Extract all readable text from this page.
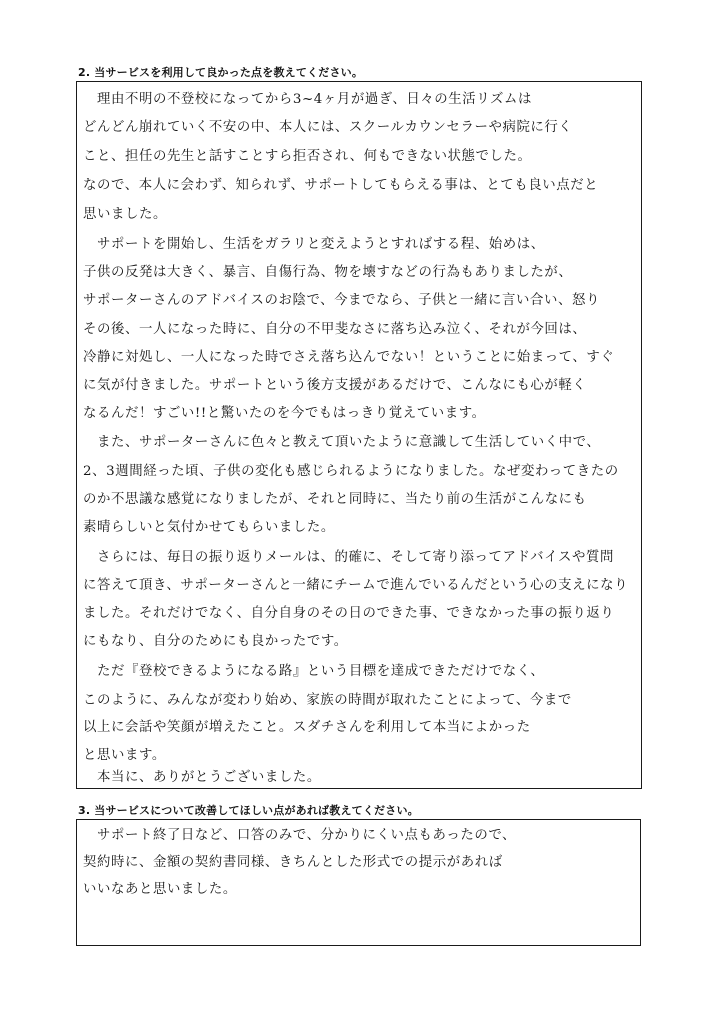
2. 当サービスを利用して良かった点を教えてください。
　理由不明の不登校になってから3~4ヶ月が過ぎ、日々の生活リズムは
どんどん崩れていく不安の中、本人には、スクールカウンセラーや病院に行く
こと、担任の先生と話すことすら拒否され、何もできない状態でした。
なので、本人に会わず、知られず、サポートしてもらえる事は、とても良い点だと
思いました。
　サポートを開始し、生活をガラリと変えようとすればする程、始めは、
子供の反発は大きく、暴言、自傷行為、物を壊すなどの行為もありましたが、
サポーターさんのアドバイスのお陰で、今までなら、子供と一緒に言い合い、怒り
その後、一人になった時に、自分の不甲斐なさに落ち込み泣く、それが今回は、
冷静に対処し、一人になった時でさえ落ち込んでない！ということに始まって、すぐ
に気が付きました。サポートという後方支援があるだけで、こんなにも心が軽く
なるんだ！すごい!!と驚いたのを今でもはっきり覚えています。
　また、サポーターさんに色々と教えて頂いたように意識して生活していく中で、
2、3週間経った頃、子供の変化も感じられるようになりました。なぜ変わってきたの
のか不思議な感覚になりましたが、それと同時に、当たり前の生活がこんなにも
素晴らしいと気付かせてもらいました。
　さらには、毎日の振り返りメールは、的確に、そして寄り添ってアドバイスや質問
に答えて頂き、サポーターさんと一緒にチームで進んでいるんだという心の支えになり
ました。それだけでなく、自分自身のその日のできた事、できなかった事の振り返り
にもなり、自分のためにも良かったです。
　ただ『登校できるようになる路』という目標を達成できただけでなく、
このように、みんなが変わり始め、家族の時間が取れたことによって、今まで
以上に会話や笑顔が増えたこと。スダチさんを利用して本当によかった
と思います。
　本当に、ありがとうございました。
3. 当サービスについて改善してほしい点があれば教えてください。
　サポート終了日など、口答のみで、分かりにくい点もあったので、
契約時に、金額の契約書同様、きちんとした形式での提示があれば
いいなあと思いました。
